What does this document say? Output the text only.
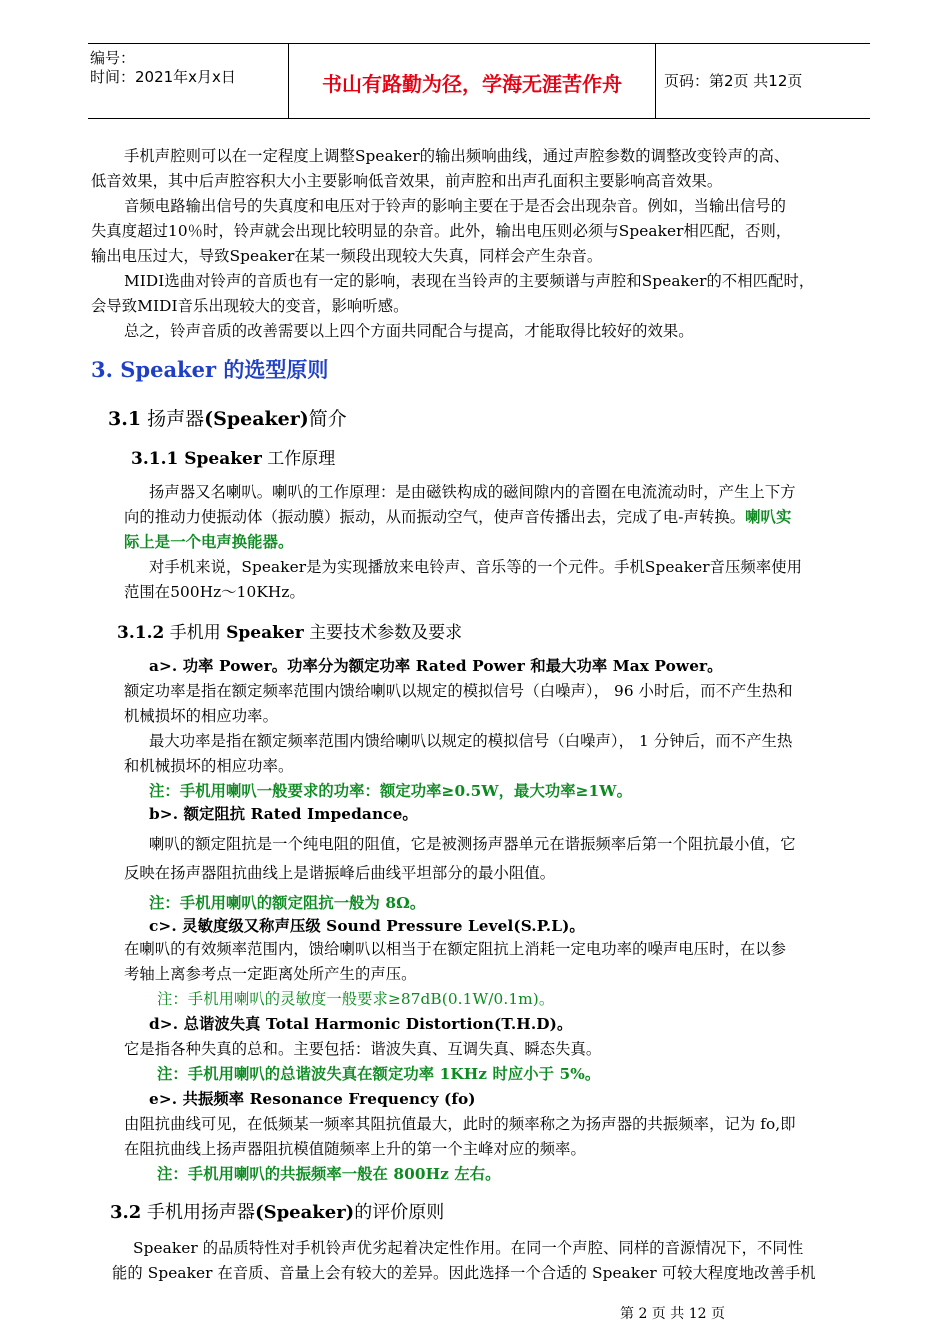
编号：
时间：2021年x月x日	书山有路勤为径，学海无涯苦作舟	页码：第2页 共12页
手机声腔则可以在一定程度上调整Speaker的输出频响曲线，通过声腔参数的调整改变铃声的高、
低音效果，其中后声腔容积大小主要影响低音效果，前声腔和出声孔面积主要影响高音效果。
音频电路输出信号的失真度和电压对于铃声的影响主要在于是否会出现杂音。例如，当输出信号的
失真度超过10％时，铃声就会出现比较明显的杂音。此外，输出电压则必须与Speaker相匹配，否则，
输出电压过大，导致Speaker在某一频段出现较大失真，同样会产生杂音。
MIDI选曲对铃声的音质也有一定的影响，表现在当铃声的主要频谱与声腔和Speaker的不相匹配时，
会导致MIDI音乐出现较大的变音，影响听感。
总之，铃声音质的改善需要以上四个方面共同配合与提高，才能取得比较好的效果。
3. Speaker 的选型原则
3.1 扬声器(Speaker)简介
3.1.1 Speaker 工作原理
扬声器又名喇叭。喇叭的工作原理：是由磁铁构成的磁间隙内的音圈在电流流动时，产生上下方
向的推动力使振动体（振动膜）振动，从而振动空气，使声音传播出去，完成了电-声转换。喇叭实
际上是一个电声换能器。
对手机来说，Speaker是为实现播放来电铃声、音乐等的一个元件。手机Speaker音压频率使用
范围在500Hz～10KHz。
3.1.2 手机用 Speaker 主要技术参数及要求
a>. 功率 Power。功率分为额定功率 Rated Power 和最大功率 Max Power。
额定功率是指在额定频率范围内馈给喇叭以规定的模拟信号（白噪声）， 96 小时后，而不产生热和
机械损坏的相应功率。
最大功率是指在额定频率范围内馈给喇叭以规定的模拟信号（白噪声）， 1 分钟后，而不产生热
和机械损坏的相应功率。
注：手机用喇叭一般要求的功率：额定功率≥0.5W，最大功率≥1W。
b>. 额定阻抗 Rated Impedance。
喇叭的额定阻抗是一个纯电阻的阻值，它是被测扬声器单元在谐振频率后第一个阻抗最小值，它
反映在扬声器阻抗曲线上是谐振峰后曲线平坦部分的最小阻值。
注：手机用喇叭的额定阻抗一般为 8Ω。
c>. 灵敏度级又称声压级 Sound Pressure Level(S.P.L)。
在喇叭的有效频率范围内，馈给喇叭以相当于在额定阻抗上消耗一定电功率的噪声电压时，在以参
考轴上离参考点一定距离处所产生的声压。
注：手机用喇叭的灵敏度一般要求≥87dB(0.1W/0.1m)。
d>. 总谐波失真 Total Harmonic Distortion(T.H.D)。
它是指各种失真的总和。主要包括：谐波失真、互调失真、瞬态失真。
注：手机用喇叭的总谐波失真在额定功率 1KHz 时应小于 5%。
e>. 共振频率 Resonance Frequency (fo)
由阻抗曲线可见，在低频某一频率其阻抗值最大，此时的频率称之为扬声器的共振频率，记为 fo,即
在阻抗曲线上扬声器阻抗模值随频率上升的第一个主峰对应的频率。
注：手机用喇叭的共振频率一般在 800Hz 左右。
3.2 手机用扬声器(Speaker)的评价原则
Speaker 的品质特性对手机铃声优劣起着决定性作用。在同一个声腔、同样的音源情况下，不同性
能的 Speaker 在音质、音量上会有较大的差异。因此选择一个合适的 Speaker 可较大程度地改善手机
第 2 页 共 12 页
